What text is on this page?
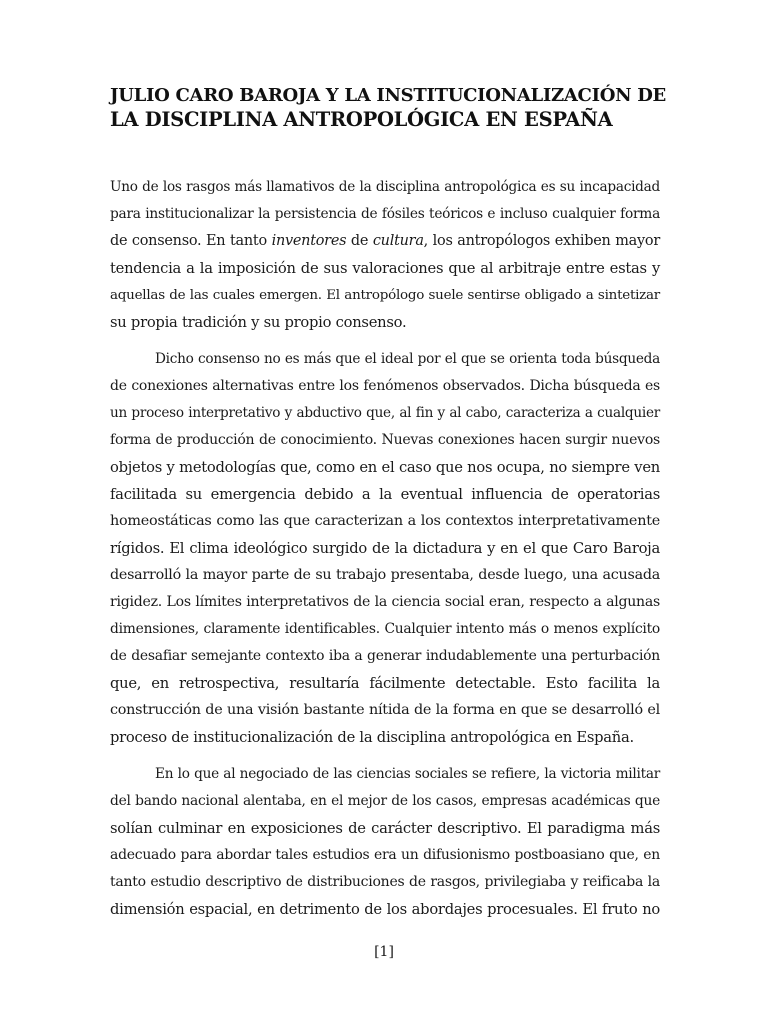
JULIO CARO BAROJA Y LA INSTITUCIONALIZACIÓN DE
LA DISCIPLINA ANTROPOLÓGICA EN ESPAÑA

Uno de los rasgos más llamativos de la disciplina antropológica es su incapacidad
para institucionalizar la persistencia de fósiles teóricos e incluso cualquier forma
de consenso. En tanto inventores de cultura, los antropólogos exhiben mayor
tendencia a la imposición de sus valoraciones que al arbitraje entre estas y
aquellas de las cuales emergen. El antropólogo suele sentirse obligado a sintetizar
su propia tradición y su propio consenso.

Dicho consenso no es más que el ideal por el que se orienta toda búsqueda
de conexiones alternativas entre los fenómenos observados. Dicha búsqueda es
un proceso interpretativo y abductivo que, al fin y al cabo, caracteriza a cualquier
forma de producción de conocimiento. Nuevas conexiones hacen surgir nuevos
objetos y metodologías que, como en el caso que nos ocupa, no siempre ven
facilitada su emergencia debido a la eventual influencia de operatorias
homeostáticas como las que caracterizan a los contextos interpretativamente
rígidos. El clima ideológico surgido de la dictadura y en el que Caro Baroja
desarrolló la mayor parte de su trabajo presentaba, desde luego, una acusada
rigidez. Los límites interpretativos de la ciencia social eran, respecto a algunas
dimensiones, claramente identificables. Cualquier intento más o menos explícito
de desafiar semejante contexto iba a generar indudablemente una perturbación
que, en retrospectiva, resultaría fácilmente detectable. Esto facilita la
construcción de una visión bastante nítida de la forma en que se desarrolló el
proceso de institucionalización de la disciplina antropológica en España.

En lo que al negociado de las ciencias sociales se refiere, la victoria militar
del bando nacional alentaba, en el mejor de los casos, empresas académicas que
solían culminar en exposiciones de carácter descriptivo. El paradigma más
adecuado para abordar tales estudios era un difusionismo postboasiano que, en
tanto estudio descriptivo de distribuciones de rasgos, privilegiaba y reificaba la
dimensión espacial, en detrimento de los abordajes procesuales. El fruto no

[1]
